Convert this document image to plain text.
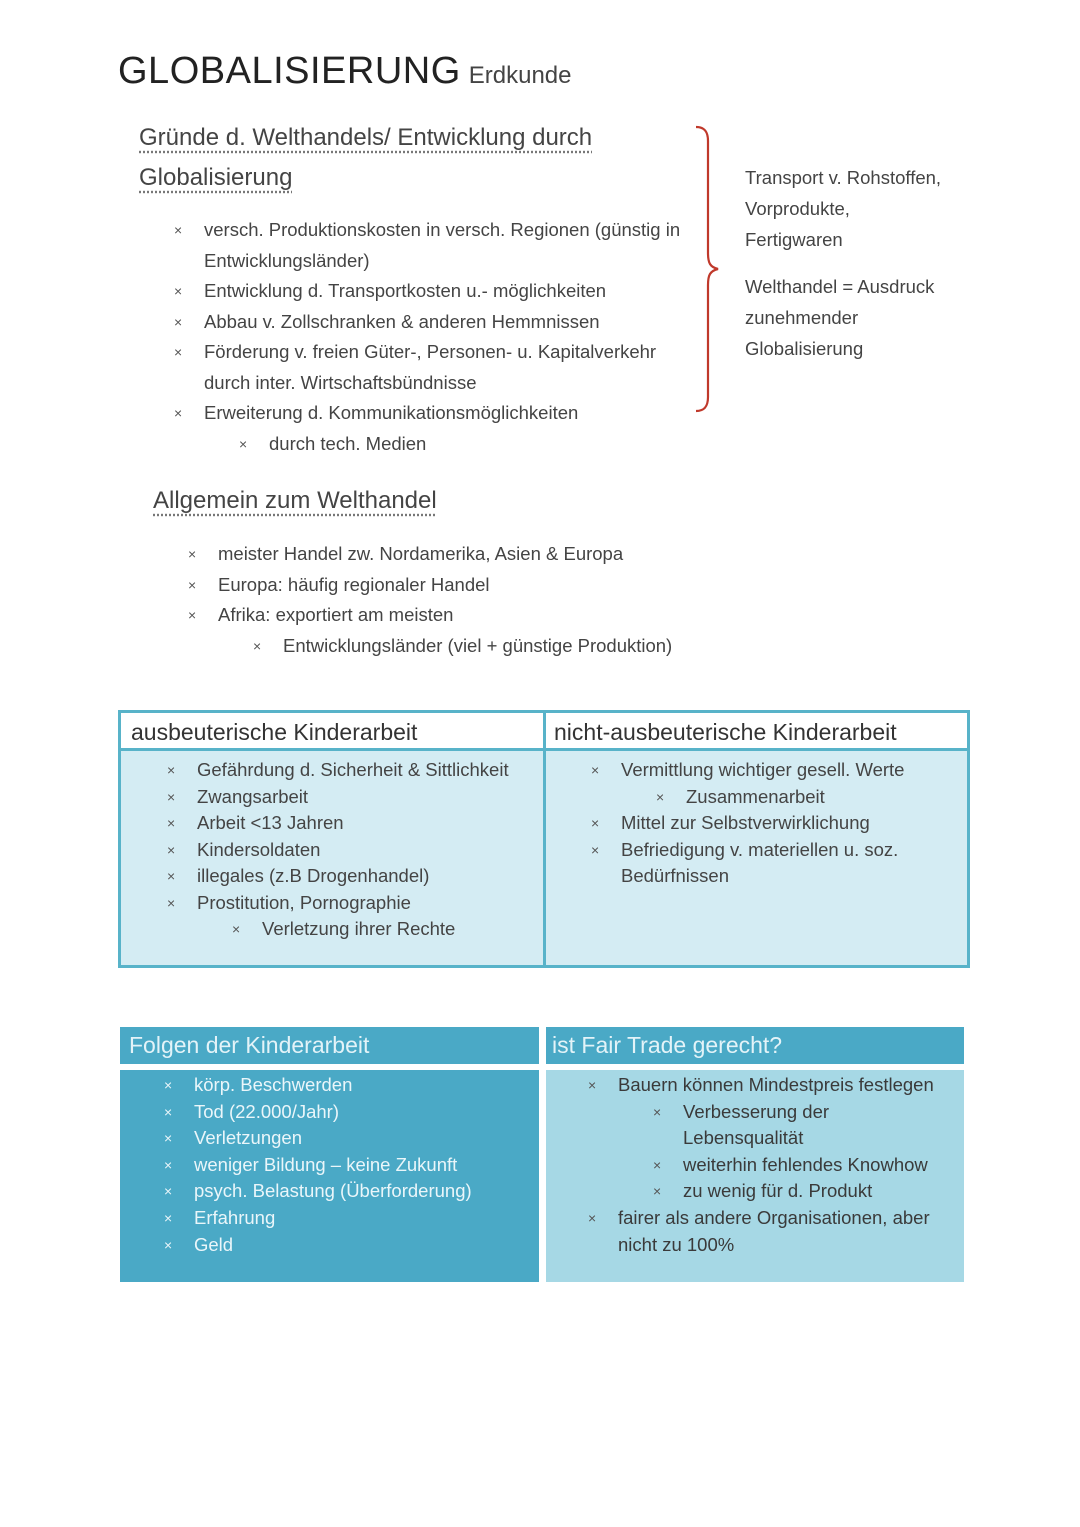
GLOBALISIERUNG Erdkunde
Gründe d. Welthandels/ Entwicklung durch
Globalisierung
× versch. Produktionskosten in versch. Regionen (günstig in
Entwicklungsländer)
× Entwicklung d. Transportkosten u.- möglichkeiten
× Abbau v. Zollschranken & anderen Hemmnissen
× Förderung v. freien Güter-, Personen- u. Kapitalverkehr
durch inter. Wirtschaftsbündnisse
× Erweiterung d. Kommunikationsmöglichkeiten
× durch tech. Medien
Transport v. Rohstoffen,
Vorprodukte,
Fertigwaren
Welthandel = Ausdruck
zunehmender
Globalisierung
Allgemein zum Welthandel
× meister Handel zw. Nordamerika, Asien & Europa
× Europa: häufig regionaler Handel
× Afrika: exportiert am meisten
× Entwicklungsländer (viel + günstige Produktion)
ausbeuterische Kinderarbeit	nicht-ausbeuterische Kinderarbeit
× Gefährdung d. Sicherheit & Sittlichkeit
× Zwangsarbeit
× Arbeit <13 Jahren
× Kindersoldaten
× illegales (z.B Drogenhandel)
× Prostitution, Pornographie
× Verletzung ihrer Rechte
× Vermittlung wichtiger gesell. Werte
× Zusammenarbeit
× Mittel zur Selbstverwirklichung
× Befriedigung v. materiellen u. soz.
Bedürfnissen
Folgen der Kinderarbeit	ist Fair Trade gerecht?
× körp. Beschwerden
× Tod (22.000/Jahr)
× Verletzungen
× weniger Bildung – keine Zukunft
× psych. Belastung (Überforderung)
× Erfahrung
× Geld
× Bauern können Mindestpreis festlegen
× Verbesserung der
Lebensqualität
× weiterhin fehlendes Knowhow
× zu wenig für d. Produkt
× fairer als andere Organisationen, aber
nicht zu 100%
